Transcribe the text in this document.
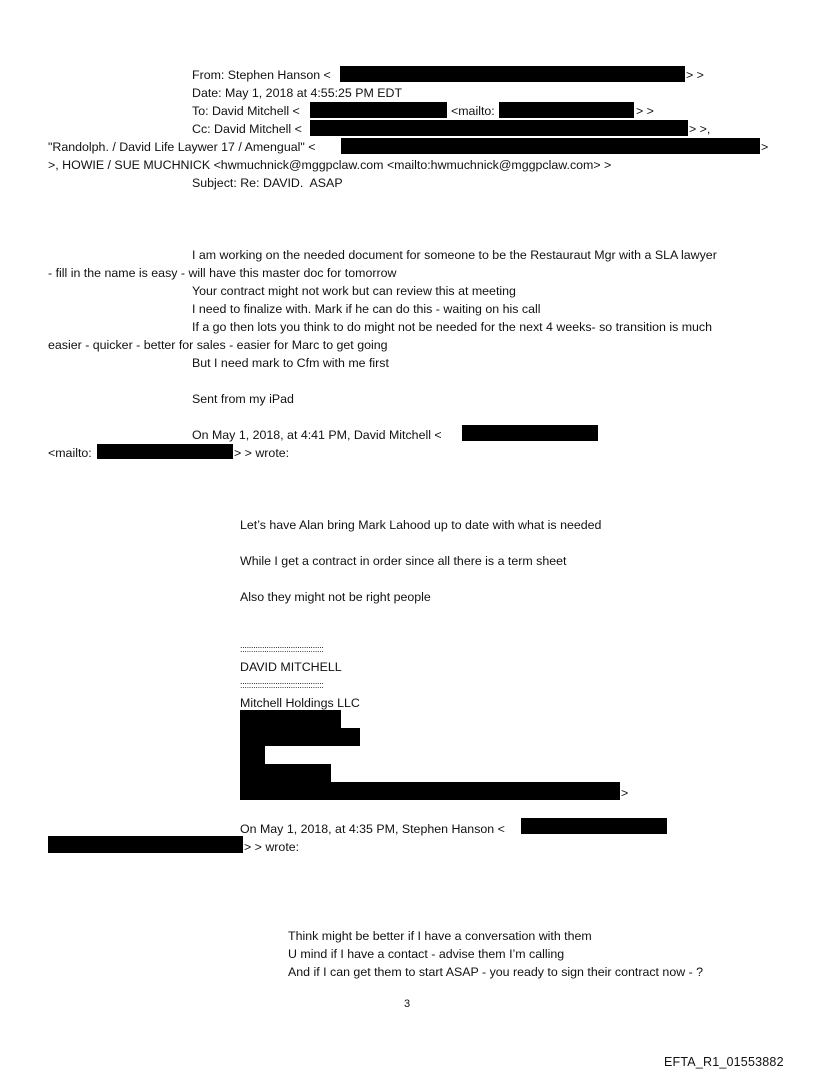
From: Stephen Hanson <	> >
Date: May 1, 2018 at 4:55:25 PM EDT
To: David Mitchell <	<mailto:	> >
Cc: David Mitchell <	> >,
"Randolph. / David Life Laywer 17 / Amengual" <	>
>, HOWIE / SUE MUCHNICK <hwmuchnick@mggpclaw.com <mailto:hwmuchnick@mggpclaw.com> >
Subject: Re: DAVID.  ASAP
I am working on the needed document for someone to be the Restauraut Mgr with a SLA lawyer
- fill in the name is easy - will have this master doc for tomorrow
Your contract might not work but can review this at meeting
I need to finalize with. Mark if he can do this - waiting on his call
If a go then lots you think to do might not be needed for the next 4 weeks- so transition is much
easier - quicker - better for sales - easier for Marc to get going
But I need mark to Cfm with me first
Sent from my iPad
On May 1, 2018, at 4:41 PM, David Mitchell <
<mailto:	> > wrote:
Let’s have Alan bring Mark Lahood up to date with what is needed
While I get a contract in order since all there is a term sheet
Also they might not be right people
::::::::::::::::::::::::::::::::::::::
DAVID MITCHELL
::::::::::::::::::::::::::::::::::::::
Mitchell Holdings LLC
>
On May 1, 2018, at 4:35 PM, Stephen Hanson <
> > wrote:
Think might be better if I have a conversation with them
U mind if I have a contact - advise them I’m calling
And if I can get them to start ASAP - you ready to sign their contract now - ?
3
EFTA_R1_01553882
